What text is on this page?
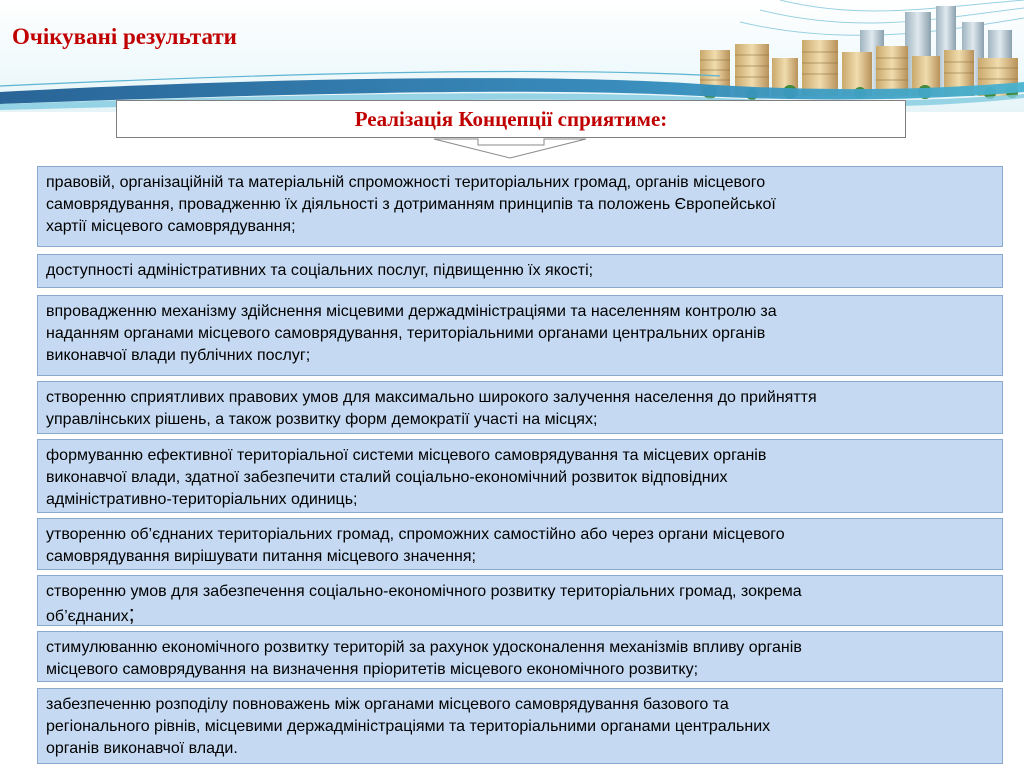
Очікувані результати
Реалізація Концепції сприятиме:
правовій, організаційній та матеріальній спроможності територіальних громад, органів місцевого
самоврядування, провадженню їх діяльності з дотриманням принципів та положень Європейської
хартії місцевого самоврядування;
доступності адміністративних та соціальних послуг, підвищенню їх якості;
впровадженню механізму здійснення місцевими держадміністраціями та населенням контролю за
наданням органами місцевого самоврядування, територіальними органами центральних органів
виконавчої влади публічних послуг;
створенню сприятливих правових умов для максимально широкого залучення населення до прийняття
управлінських рішень, а також розвитку форм демократії участі на місцях;
формуванню ефективної територіальної системи місцевого самоврядування та місцевих органів
виконавчої влади, здатної забезпечити сталий соціально-економічний розвиток відповідних
адміністративно-територіальних одиниць;
утворенню об’єднаних територіальних громад, спроможних самостійно або через органи місцевого
самоврядування вирішувати питання місцевого значення;
створенню умов для забезпечення соціально-економічного розвитку територіальних громад, зокрема
об’єднаних;
стимулюванню економічного розвитку територій за рахунок удосконалення механізмів впливу органів
місцевого самоврядування на визначення пріоритетів місцевого економічного розвитку;
забезпеченню розподілу повноважень між органами місцевого самоврядування базового та
регіонального рівнів, місцевими держадміністраціями та територіальними органами центральних
органів виконавчої влади.
